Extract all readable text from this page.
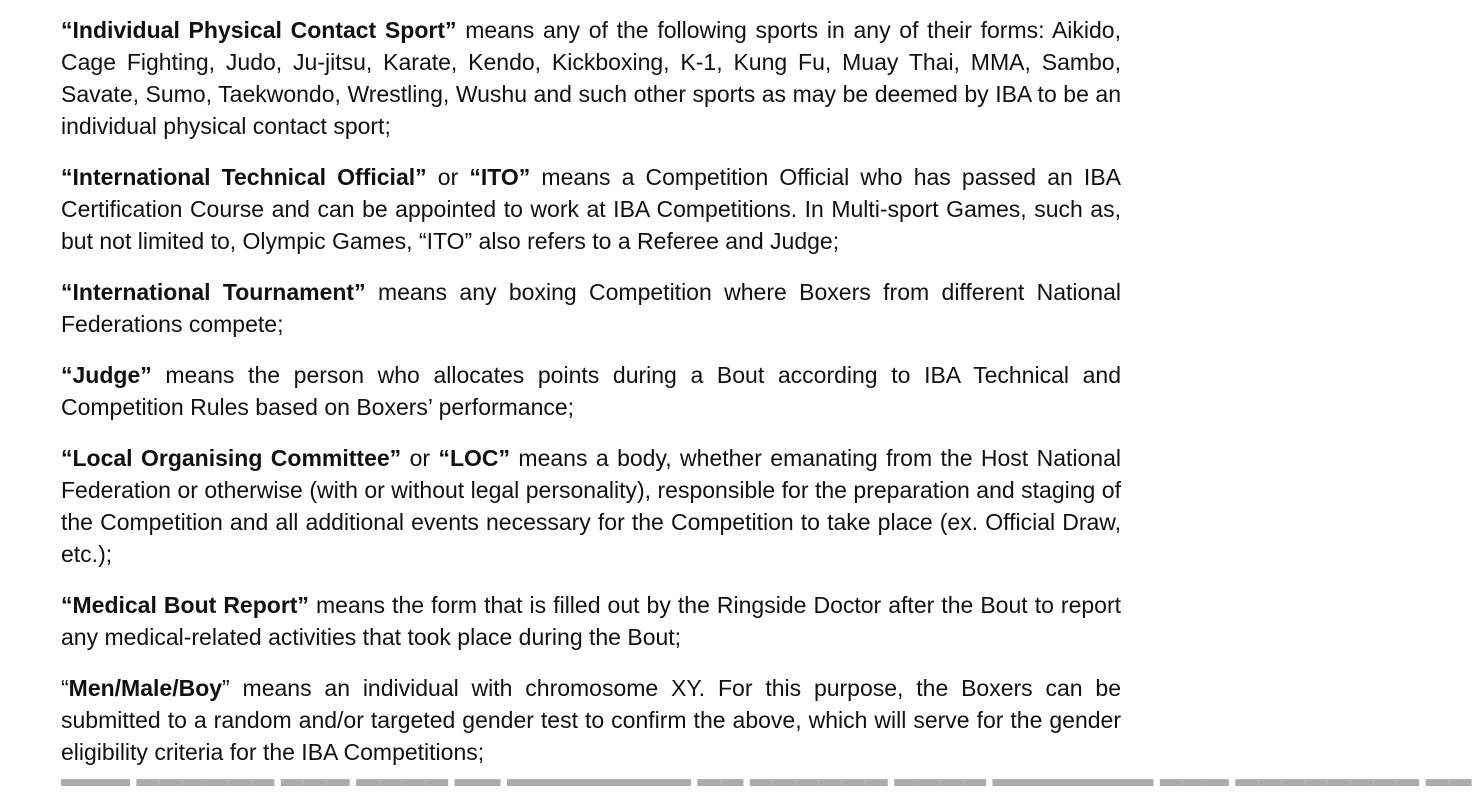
“Individual Physical Contact Sport” means any of the following sports in any of their forms: Aikido, Cage Fighting, Judo, Ju-jitsu, Karate, Kendo, Kickboxing, K-1, Kung Fu, Muay Thai, MMA, Sambo, Savate, Sumo, Taekwondo, Wrestling, Wushu and such other sports as may be deemed by IBA to be an individual physical contact sport;

“International Technical Official” or “ITO” means a Competition Official who has passed an IBA Certification Course and can be appointed to work at IBA Competitions. In Multi-sport Games, such as, but not limited to, Olympic Games, “ITO” also refers to a Referee and Judge;

“International Tournament” means any boxing Competition where Boxers from different National Federations compete;

“Judge” means the person who allocates points during a Bout according to IBA Technical and Competition Rules based on Boxers’ performance;

“Local Organising Committee” or “LOC” means a body, whether emanating from the Host National Federation or otherwise (with or without legal personality), responsible for the preparation and staging of the Competition and all additional events necessary for the Competition to take place (ex. Official Draw, etc.);

“Medical Bout Report” means the form that is filled out by the Ringside Doctor after the Bout to report any medical-related activities that took place during the Bout;

“Men/Male/Boy” means an individual with chromosome XY. For this purpose, the Boxers can be submitted to a random and/or targeted gender test to confirm the above, which will serve for the gender eligibility criteria for the IBA Competitions;

▬▬▬ ▬▬▬▬▬▬ ▬▬▬ ▬▬▬▬ ▬▬ ▬▬▬▬▬▬▬▬ ▬▬ ▬▬▬▬▬▬ ▬▬▬▬ ▬▬▬▬▬▬▬ ▬▬▬ ▬▬▬▬▬▬▬▬ ▬▬
